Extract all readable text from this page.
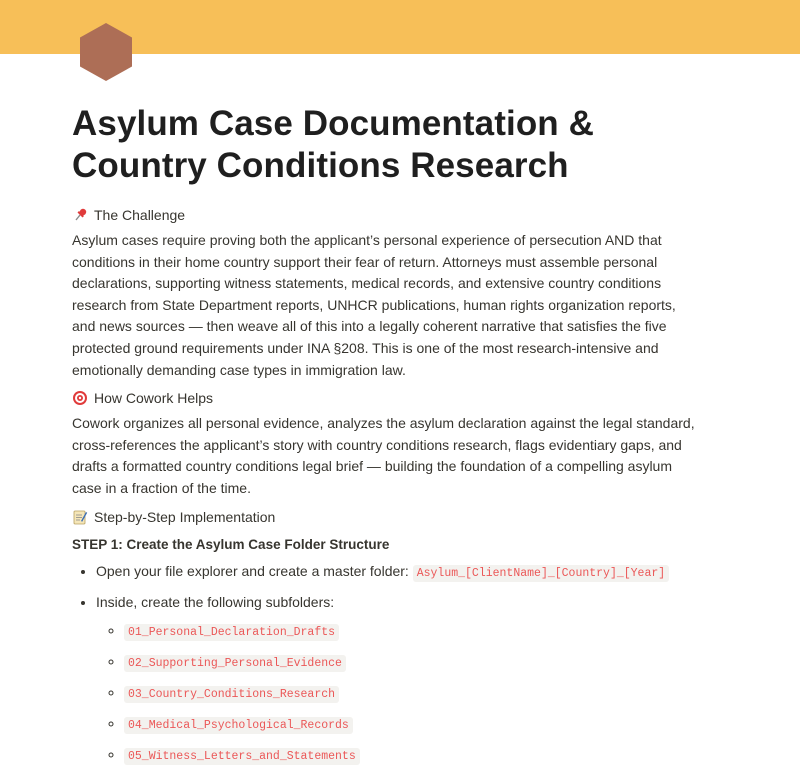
Asylum Case Documentation &
Country Conditions Research
The Challenge

Asylum cases require proving both the applicant’s personal experience of persecution AND that conditions in their home country support their fear of return. Attorneys must assemble personal declarations, supporting witness statements, medical records, and extensive country conditions research from State Department reports, UNHCR publications, human rights organization reports, and news sources — then weave all of this into a legally coherent narrative that satisfies the five protected ground requirements under INA §208. This is one of the most research-intensive and emotionally demanding case types in immigration law.

How Cowork Helps

Cowork organizes all personal evidence, analyzes the asylum declaration against the legal standard, cross-references the applicant’s story with country conditions research, flags evidentiary gaps, and drafts a formatted country conditions legal brief — building the foundation of a compelling asylum case in a fraction of the time.

Step-by-Step Implementation
STEP 1: Create the Asylum Case Folder Structure
• Open your file explorer and create a master folder: Asylum_[ClientName]_[Country]_[Year]
• Inside, create the following subfolders:
◦ 01_Personal_Declaration_Drafts
◦ 02_Supporting_Personal_Evidence
◦ 03_Country_Conditions_Research
◦ 04_Medical_Psychological_Records
◦ 05_Witness_Letters_and_Statements
